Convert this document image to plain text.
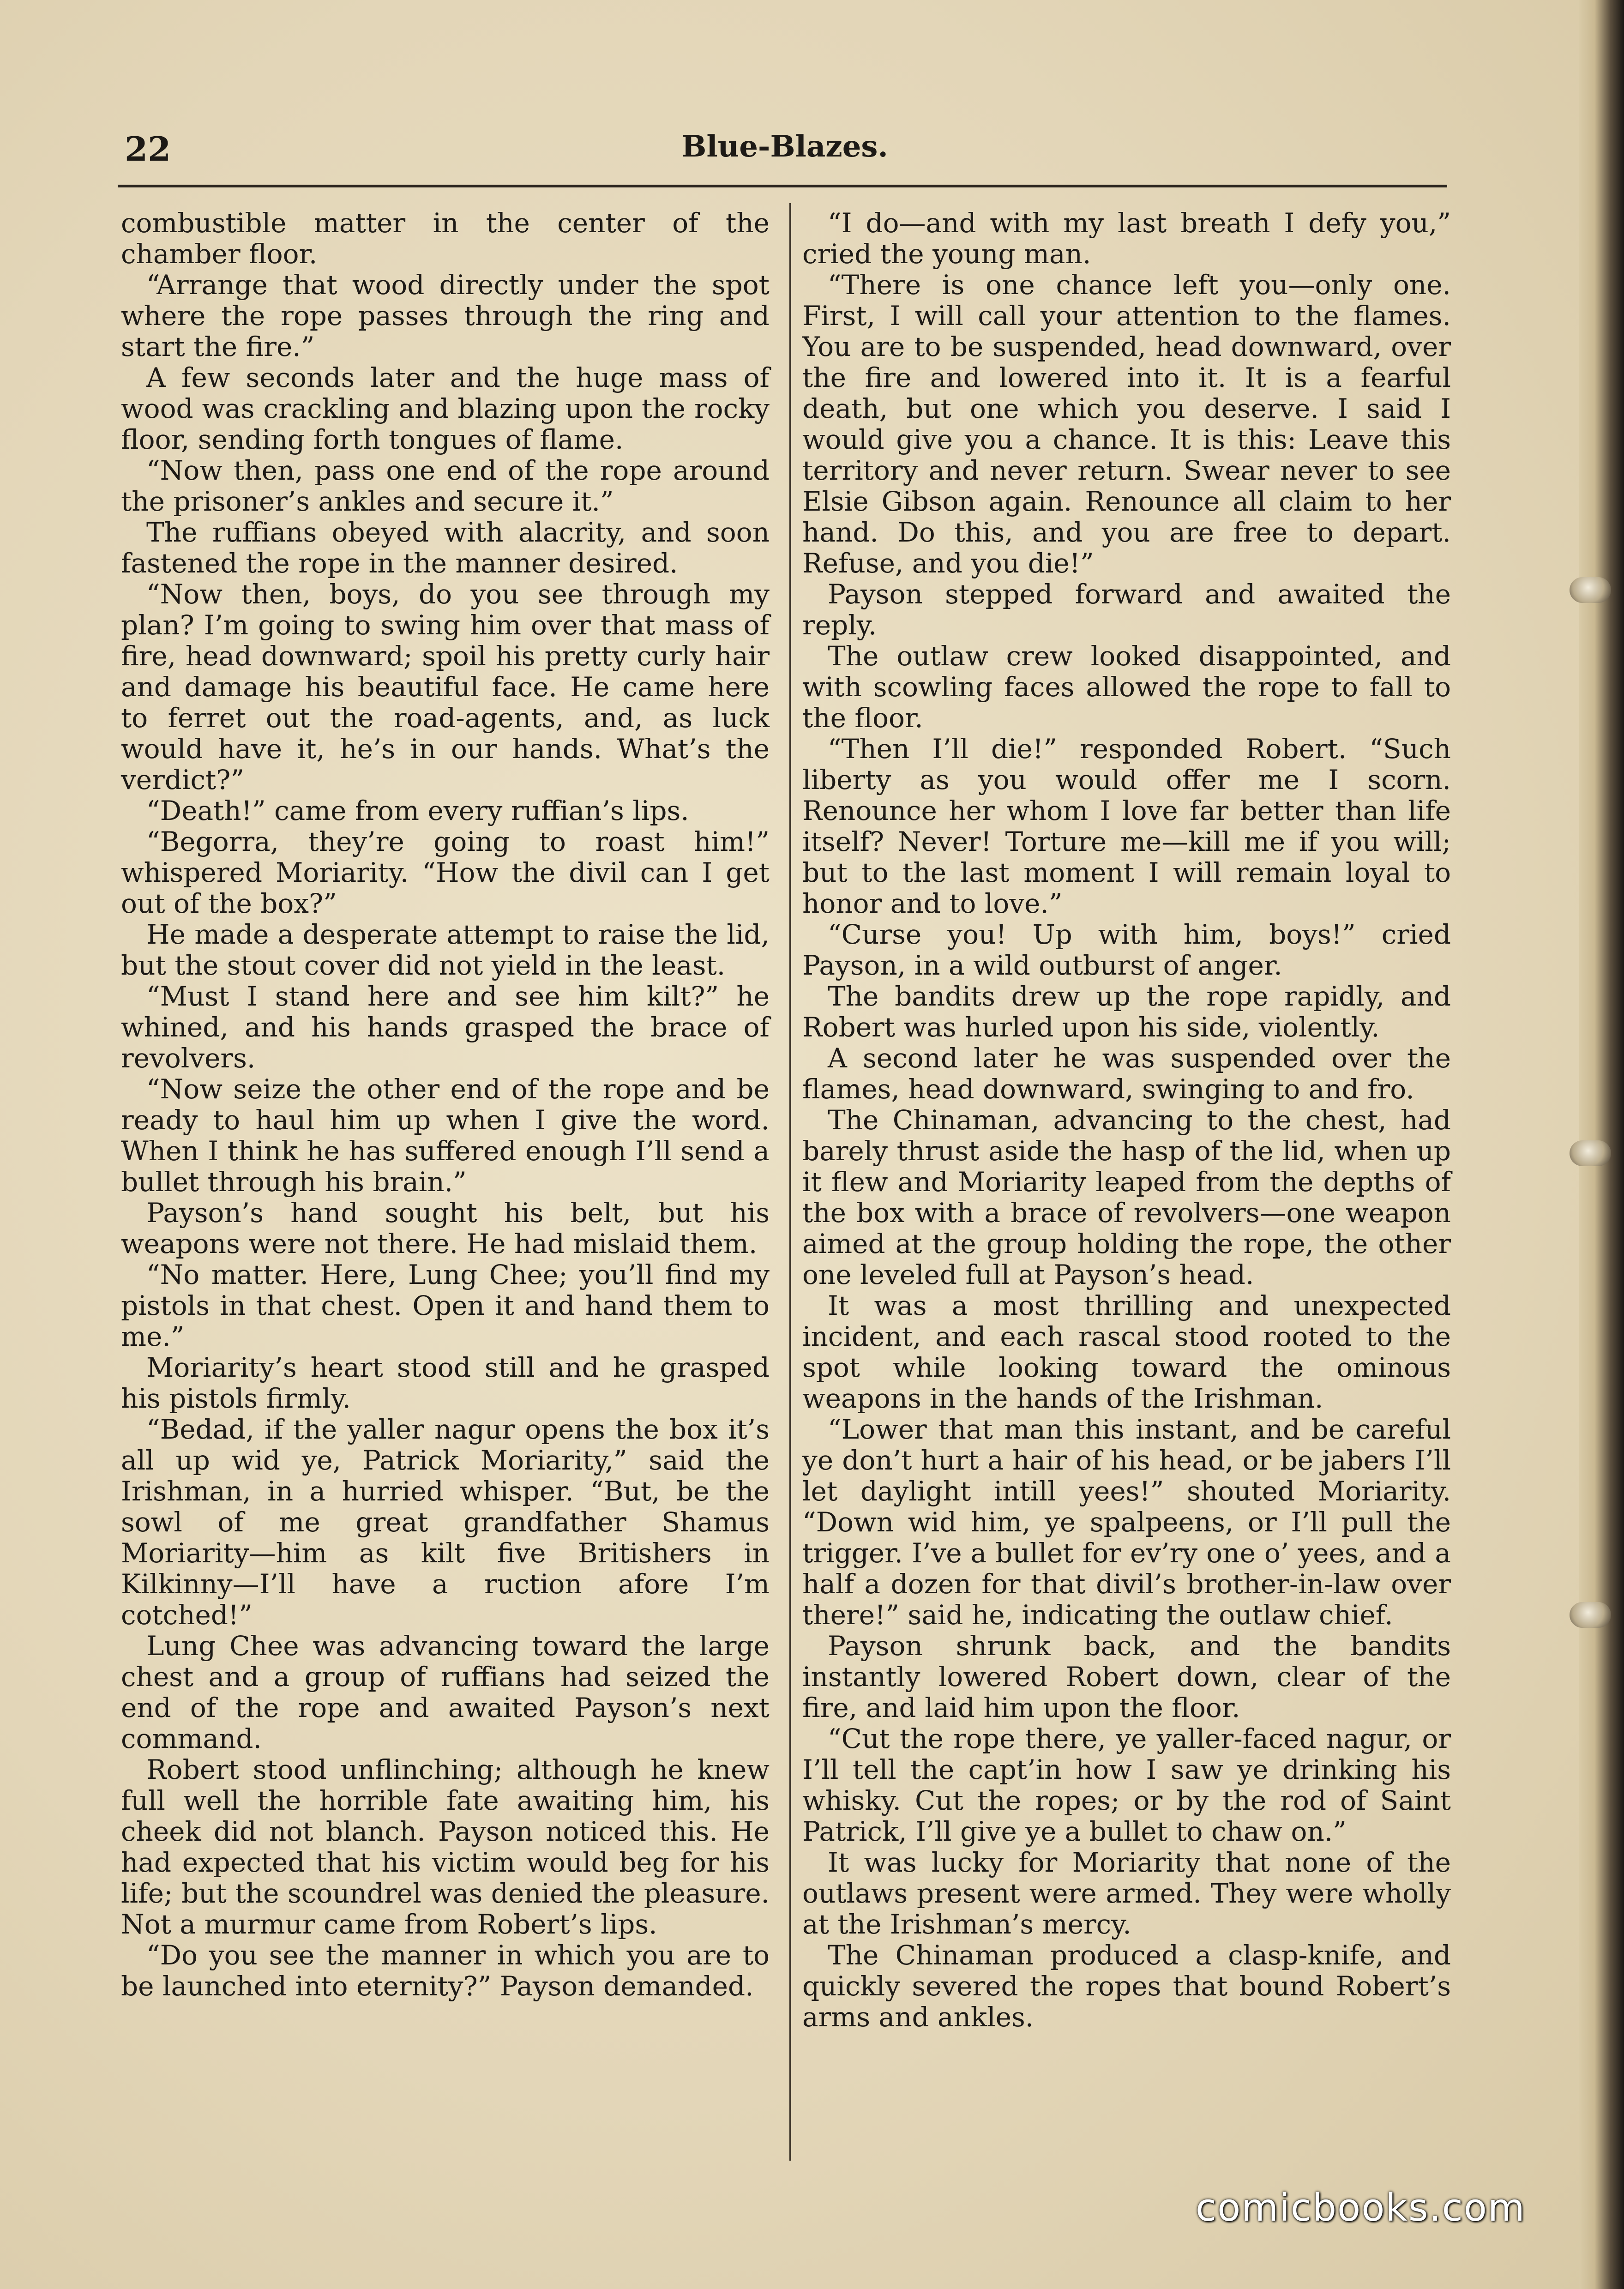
22	Blue-Blazes.

combustible matter in the center of the chamber floor.

“Arrange that wood directly under the spot where the rope passes through the ring and start the fire.”

A few seconds later and the huge mass of wood was crackling and blazing upon the rocky floor, sending forth tongues of flame.

“Now then, pass one end of the rope around the prisoner’s ankles and secure it.”

The ruffians obeyed with alacrity, and soon fastened the rope in the manner desired.

“Now then, boys, do you see through my plan? I’m going to swing him over that mass of fire, head downward; spoil his pretty curly hair and damage his beautiful face. He came here to ferret out the road-agents, and, as luck would have it, he’s in our hands. What’s the verdict?”

“Death!” came from every ruffian’s lips.

“Begorra, they’re going to roast him!” whispered Moriarity. “How the divil can I get out of the box?”

He made a desperate attempt to raise the lid, but the stout cover did not yield in the least.

“Must I stand here and see him kilt?” he whined, and his hands grasped the brace of revolvers.

“Now seize the other end of the rope and be ready to haul him up when I give the word. When I think he has suffered enough I’ll send a bullet through his brain.”

Payson’s hand sought his belt, but his weapons were not there. He had mislaid them.

“No matter. Here, Lung Chee; you’ll find my pistols in that chest. Open it and hand them to me.”

Moriarity’s heart stood still and he grasped his pistols firmly.

“Bedad, if the yaller nagur opens the box it’s all up wid ye, Patrick Moriarity,” said the Irishman, in a hurried whisper. “But, be the sowl of me great grandfather Shamus Moriarity—him as kilt five Britishers in Kilkinny—I’ll have a ruction afore I’m cotched!”

Lung Chee was advancing toward the large chest and a group of ruffians had seized the end of the rope and awaited Payson’s next command.

Robert stood unflinching; although he knew full well the horrible fate awaiting him, his cheek did not blanch. Payson noticed this. He had expected that his victim would beg for his life; but the scoundrel was denied the pleasure. Not a murmur came from Robert’s lips.

“Do you see the manner in which you are to be launched into eternity?” Payson demanded.

“I do—and with my last breath I defy you,” cried the young man.

“There is one chance left you—only one. First, I will call your attention to the flames. You are to be suspended, head downward, over the fire and lowered into it. It is a fearful death, but one which you deserve. I said I would give you a chance. It is this: Leave this territory and never return. Swear never to see Elsie Gibson again. Renounce all claim to her hand. Do this, and you are free to depart. Refuse, and you die!”

Payson stepped forward and awaited the reply.

The outlaw crew looked disappointed, and with scowling faces allowed the rope to fall to the floor.

“Then I’ll die!” responded Robert. “Such liberty as you would offer me I scorn. Renounce her whom I love far better than life itself? Never! Torture me—kill me if you will; but to the last moment I will remain loyal to honor and to love.”

“Curse you! Up with him, boys!” cried Payson, in a wild outburst of anger.

The bandits drew up the rope rapidly, and Robert was hurled upon his side, violently.

A second later he was suspended over the flames, head downward, swinging to and fro.

The Chinaman, advancing to the chest, had barely thrust aside the hasp of the lid, when up it flew and Moriarity leaped from the depths of the box with a brace of revolvers—one weapon aimed at the group holding the rope, the other one leveled full at Payson’s head.

It was a most thrilling and unexpected incident, and each rascal stood rooted to the spot while looking toward the ominous weapons in the hands of the Irishman.

“Lower that man this instant, and be careful ye don’t hurt a hair of his head, or be jabers I’ll let daylight intill yees!” shouted Moriarity. “Down wid him, ye spalpeens, or I’ll pull the trigger. I’ve a bullet for ev’ry one o’ yees, and a half a dozen for that divil’s brother-in-law over there!” said he, indicating the outlaw chief.

Payson shrunk back, and the bandits instantly lowered Robert down, clear of the fire, and laid him upon the floor.

“Cut the rope there, ye yaller-faced nagur, or I’ll tell the capt’in how I saw ye drinking his whisky. Cut the ropes; or by the rod of Saint Patrick, I’ll give ye a bullet to chaw on.”

It was lucky for Moriarity that none of the outlaws present were armed. They were wholly at the Irishman’s mercy.

The Chinaman produced a clasp-knife, and quickly severed the ropes that bound Robert’s arms and ankles.

comicbooks.com
